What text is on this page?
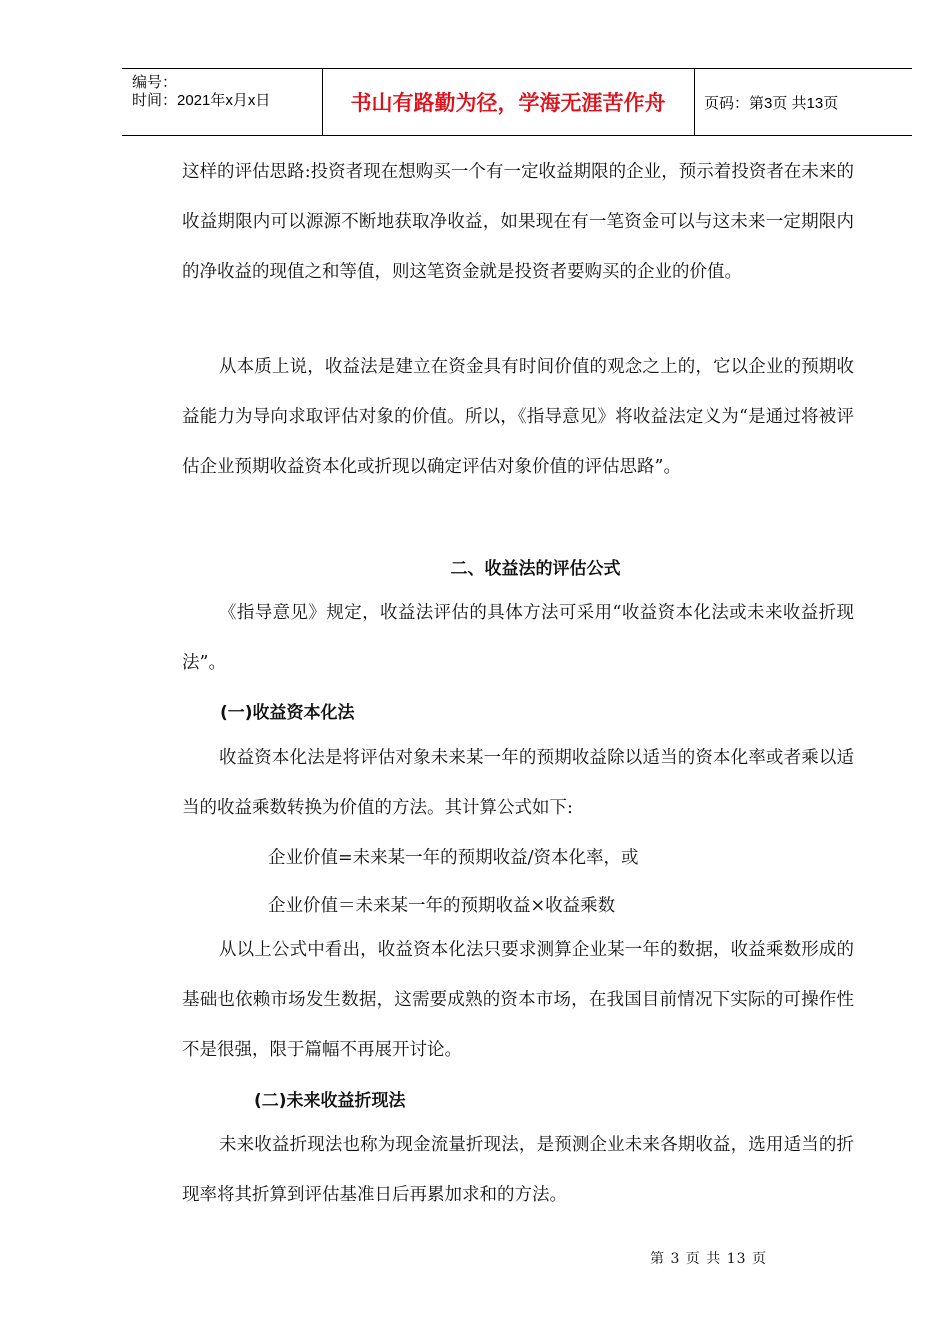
编号：
时间：2021年x月x日	书山有路勤为径，学海无涯苦作舟	页码：第3页 共13页

这样的评估思路:投资者现在想购买一个有一定收益期限的企业，预示着投资者在未来的收益期限内可以源源不断地获取净收益，如果现在有一笔资金可以与这未来一定期限内的净收益的现值之和等值，则这笔资金就是投资者要购买的企业的价值。

从本质上说，收益法是建立在资金具有时间价值的观念之上的，它以企业的预期收益能力为导向求取评估对象的价值。所以，《指导意见》将收益法定义为“是通过将被评估企业预期收益资本化或折现以确定评估对象价值的评估思路”。

二、收益法的评估公式

《指导意见》规定，收益法评估的具体方法可采用“收益资本化法或未来收益折现法”。

(一)收益资本化法

收益资本化法是将评估对象未来某一年的预期收益除以适当的资本化率或者乘以适当的收益乘数转换为价值的方法。其计算公式如下:

企业价值=未来某一年的预期收益/资本化率，或
企业价值＝未来某一年的预期收益×收益乘数

从以上公式中看出，收益资本化法只要求测算企业某一年的数据，收益乘数形成的基础也依赖市场发生数据，这需要成熟的资本市场，在我国目前情况下实际的可操作性不是很强，限于篇幅不再展开讨论。

(二)未来收益折现法

未来收益折现法也称为现金流量折现法，是预测企业未来各期收益，选用适当的折现率将其折算到评估基准日后再累加求和的方法。

第 3 页 共 13 页
